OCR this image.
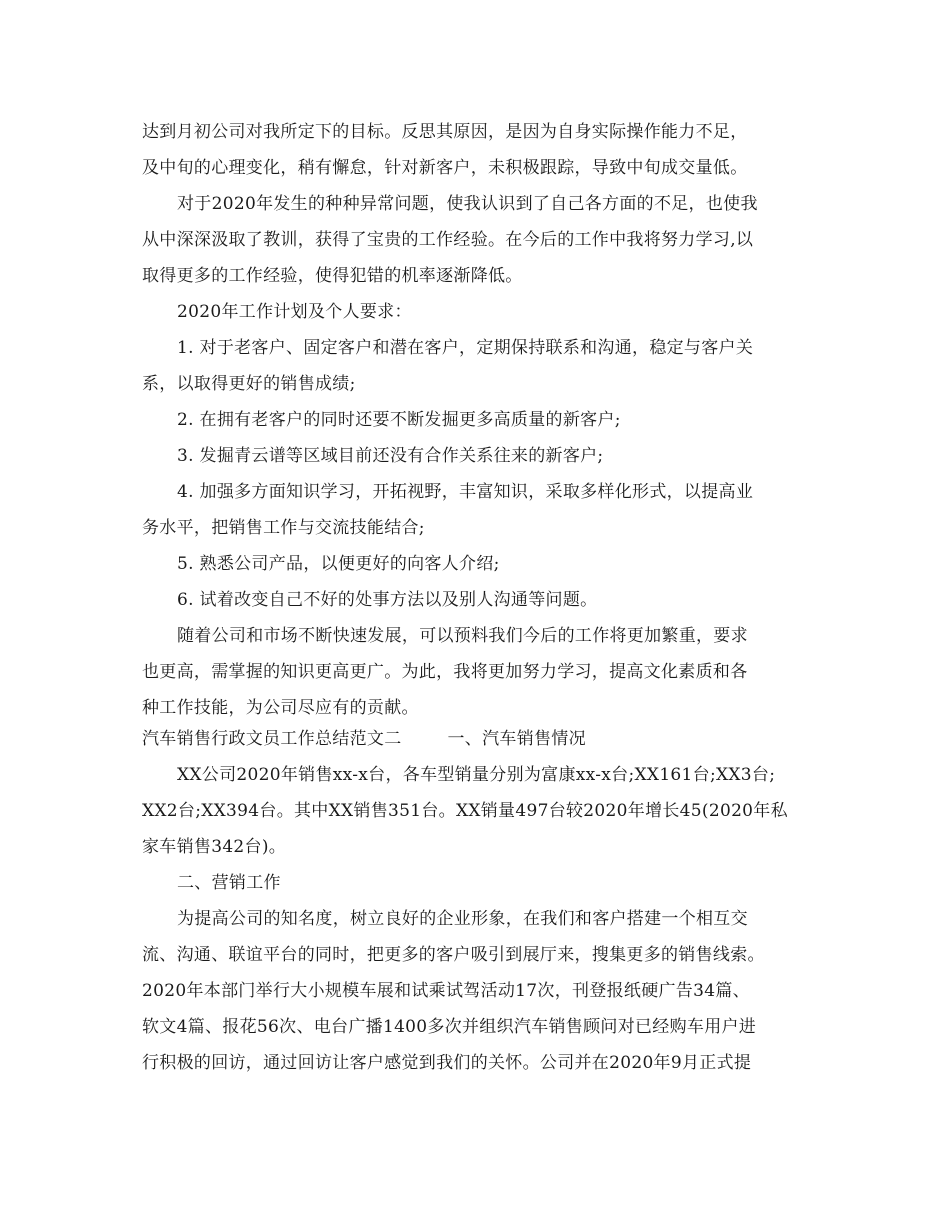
达到月初公司对我所定下的目标。反思其原因，是因为自身实际操作能力不足，
及中旬的心理变化，稍有懈怠，针对新客户，未积极跟踪，导致中旬成交量低。
对于2020年发生的种种异常问题，使我认识到了自己各方面的不足，也使我
从中深深汲取了教训，获得了宝贵的工作经验。在今后的工作中我将努力学习,以
取得更多的工作经验，使得犯错的机率逐渐降低。
2020年工作计划及个人要求：
1. 对于老客户、固定客户和潜在客户，定期保持联系和沟通，稳定与客户关
系，以取得更好的销售成绩;
2. 在拥有老客户的同时还要不断发掘更多高质量的新客户;
3. 发掘青云谱等区域目前还没有合作关系往来的新客户;
4. 加强多方面知识学习，开拓视野，丰富知识，采取多样化形式，以提高业
务水平，把销售工作与交流技能结合;
5. 熟悉公司产品，以便更好的向客人介绍;
6. 试着改变自己不好的处事方法以及别人沟通等问题。
随着公司和市场不断快速发展，可以预料我们今后的工作将更加繁重，要求
也更高，需掌握的知识更高更广。为此，我将更加努力学习，提高文化素质和各
种工作技能，为公司尽应有的贡献。
汽车销售行政文员工作总结范文二	一、汽车销售情况
XX公司2020年销售xx-x台，各车型销量分别为富康xx-x台;XX161台;XX3台;
XX2台;XX394台。其中XX销售351台。XX销量497台较2020年增长45(2020年私
家车销售342台)。
二、营销工作
为提高公司的知名度，树立良好的企业形象，在我们和客户搭建一个相互交
流、沟通、联谊平台的同时，把更多的客户吸引到展厅来，搜集更多的销售线索。
2020年本部门举行大小规模车展和试乘试驾活动17次，刊登报纸硬广告34篇、
软文4篇、报花56次、电台广播1400多次并组织汽车销售顾问对已经购车用户进
行积极的回访，通过回访让客户感觉到我们的关怀。公司并在2020年9月正式提
